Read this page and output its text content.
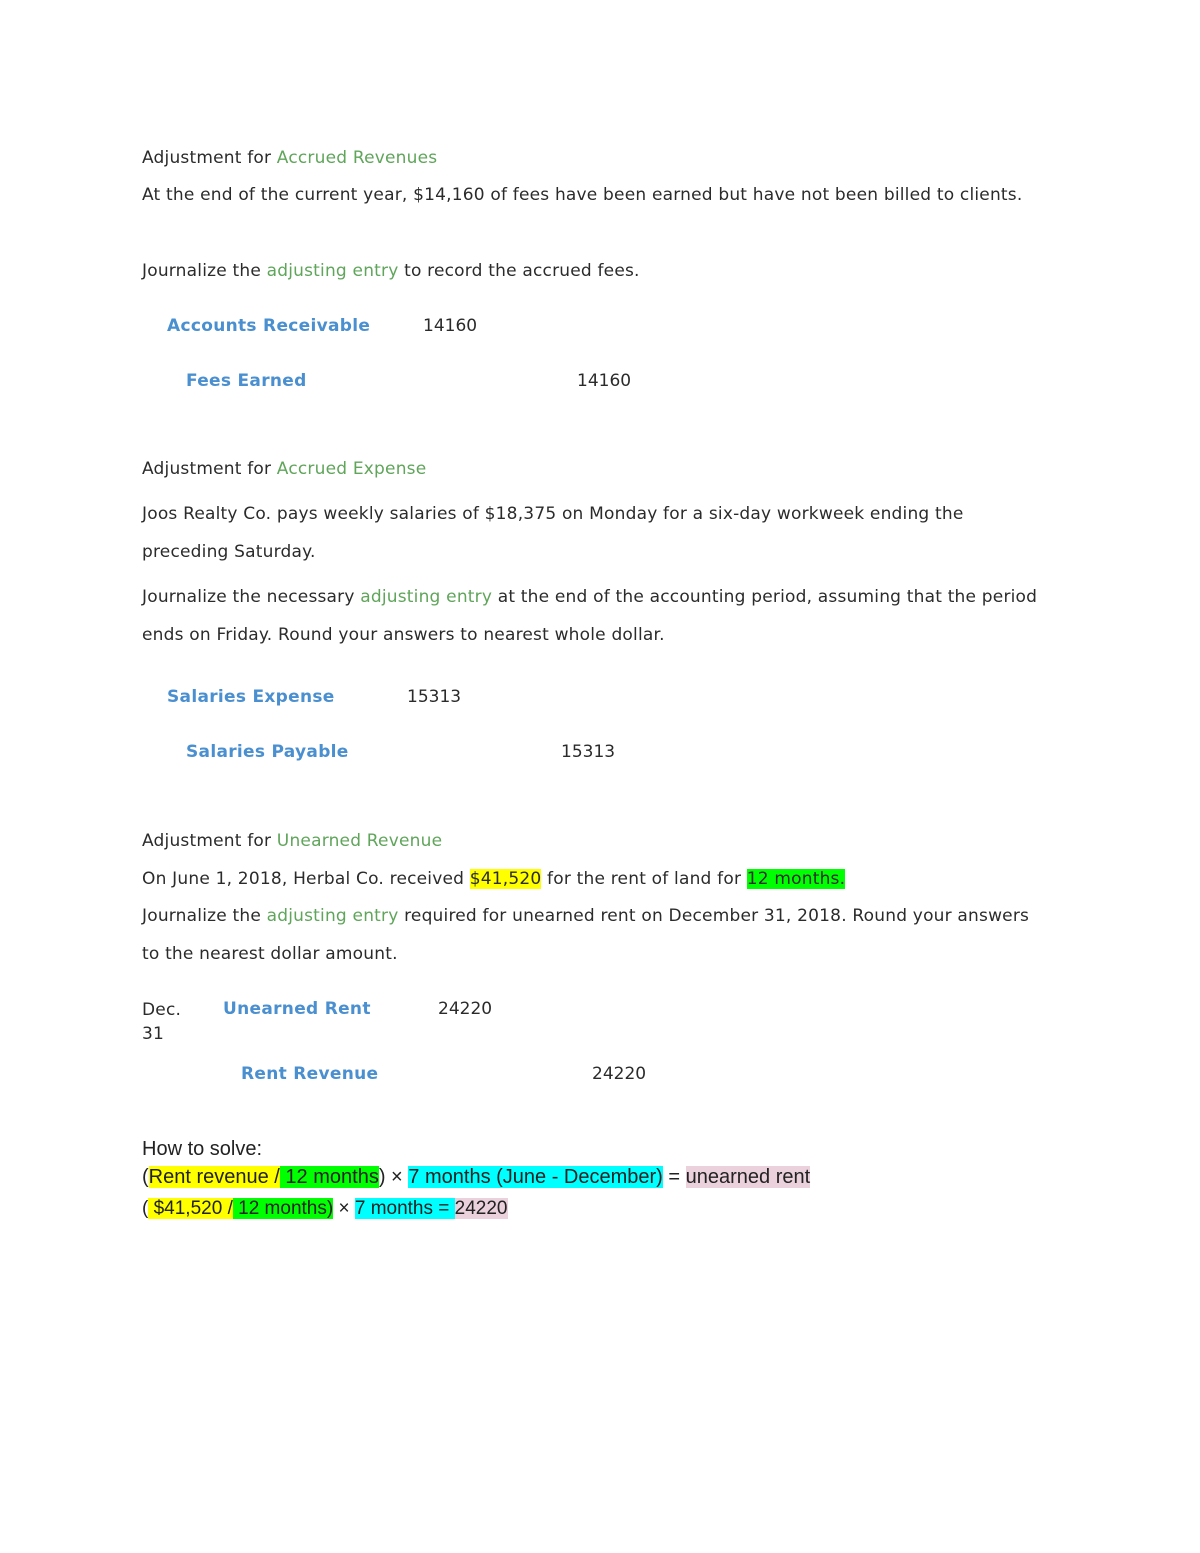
Adjustment for Accrued Revenues
At the end of the current year, $14,160 of fees have been earned but have not been billed to clients.
Journalize the adjusting entry to record the accrued fees.
Accounts Receivable	14160
Fees Earned	14160
Adjustment for Accrued Expense
Joos Realty Co. pays weekly salaries of $18,375 on Monday for a six-day workweek ending the
preceding Saturday.
Journalize the necessary adjusting entry at the end of the accounting period, assuming that the period
ends on Friday. Round your answers to nearest whole dollar.
Salaries Expense	15313
Salaries Payable	15313
Adjustment for Unearned Revenue
On June 1, 2018, Herbal Co. received $41,520 for the rent of land for 12 months.
Journalize the adjusting entry required for unearned rent on December 31, 2018. Round your answers
to the nearest dollar amount.
Dec.
31
Unearned Rent	24220
Rent Revenue	24220
How to solve:
(Rent revenue / 12 months) × 7 months (June - December) = unearned rent
( $41,520 / 12 months) × 7 months = 24220
